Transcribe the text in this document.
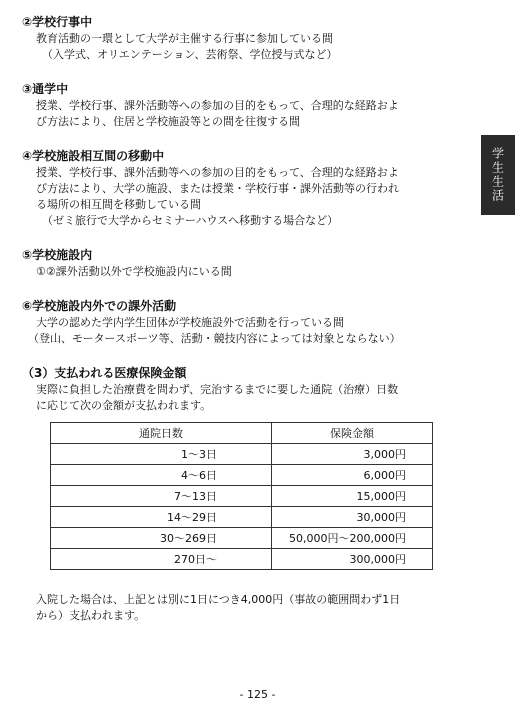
②学校行事中

教育活動の一環として大学が主催する行事に参加している間

（入学式、オリエンテーション、芸術祭、学位授与式など）

③通学中

授業、学校行事、課外活動等への参加の目的をもって、合理的な経路およ

び方法により、住居と学校施設等との間を往復する間

④学校施設相互間の移動中

授業、学校行事、課外活動等への参加の目的をもって、合理的な経路およ

び方法により、大学の施設、または授業・学校行事・課外活動等の行われ

る場所の相互間を移動している間

（ゼミ旅行で大学からセミナーハウスへ移動する場合など）

⑤学校施設内

①②課外活動以外で学校施設内にいる間

⑥学校施設内外での課外活動

大学の認めた学内学生団体が学校施設外で活動を行っている間

（登山、モータースポーツ等、活動・競技内容によっては対象とならない）

（3）支払われる医療保険金額

実際に負担した治療費を問わず、完治するまでに要した通院（治療）日数

に応じて次の金額が支払われます。

通院日数	保険金額
1〜3日	3,000円
4〜6日	6,000円
7〜13日	15,000円
14〜29日	30,000円
30〜269日	50,000円〜200,000円
270日〜	300,000円
入院した場合は、上記とは別に1日につき4,000円（事故の範囲問わず1日
から）支払われます。
学生生活
- 125 -
